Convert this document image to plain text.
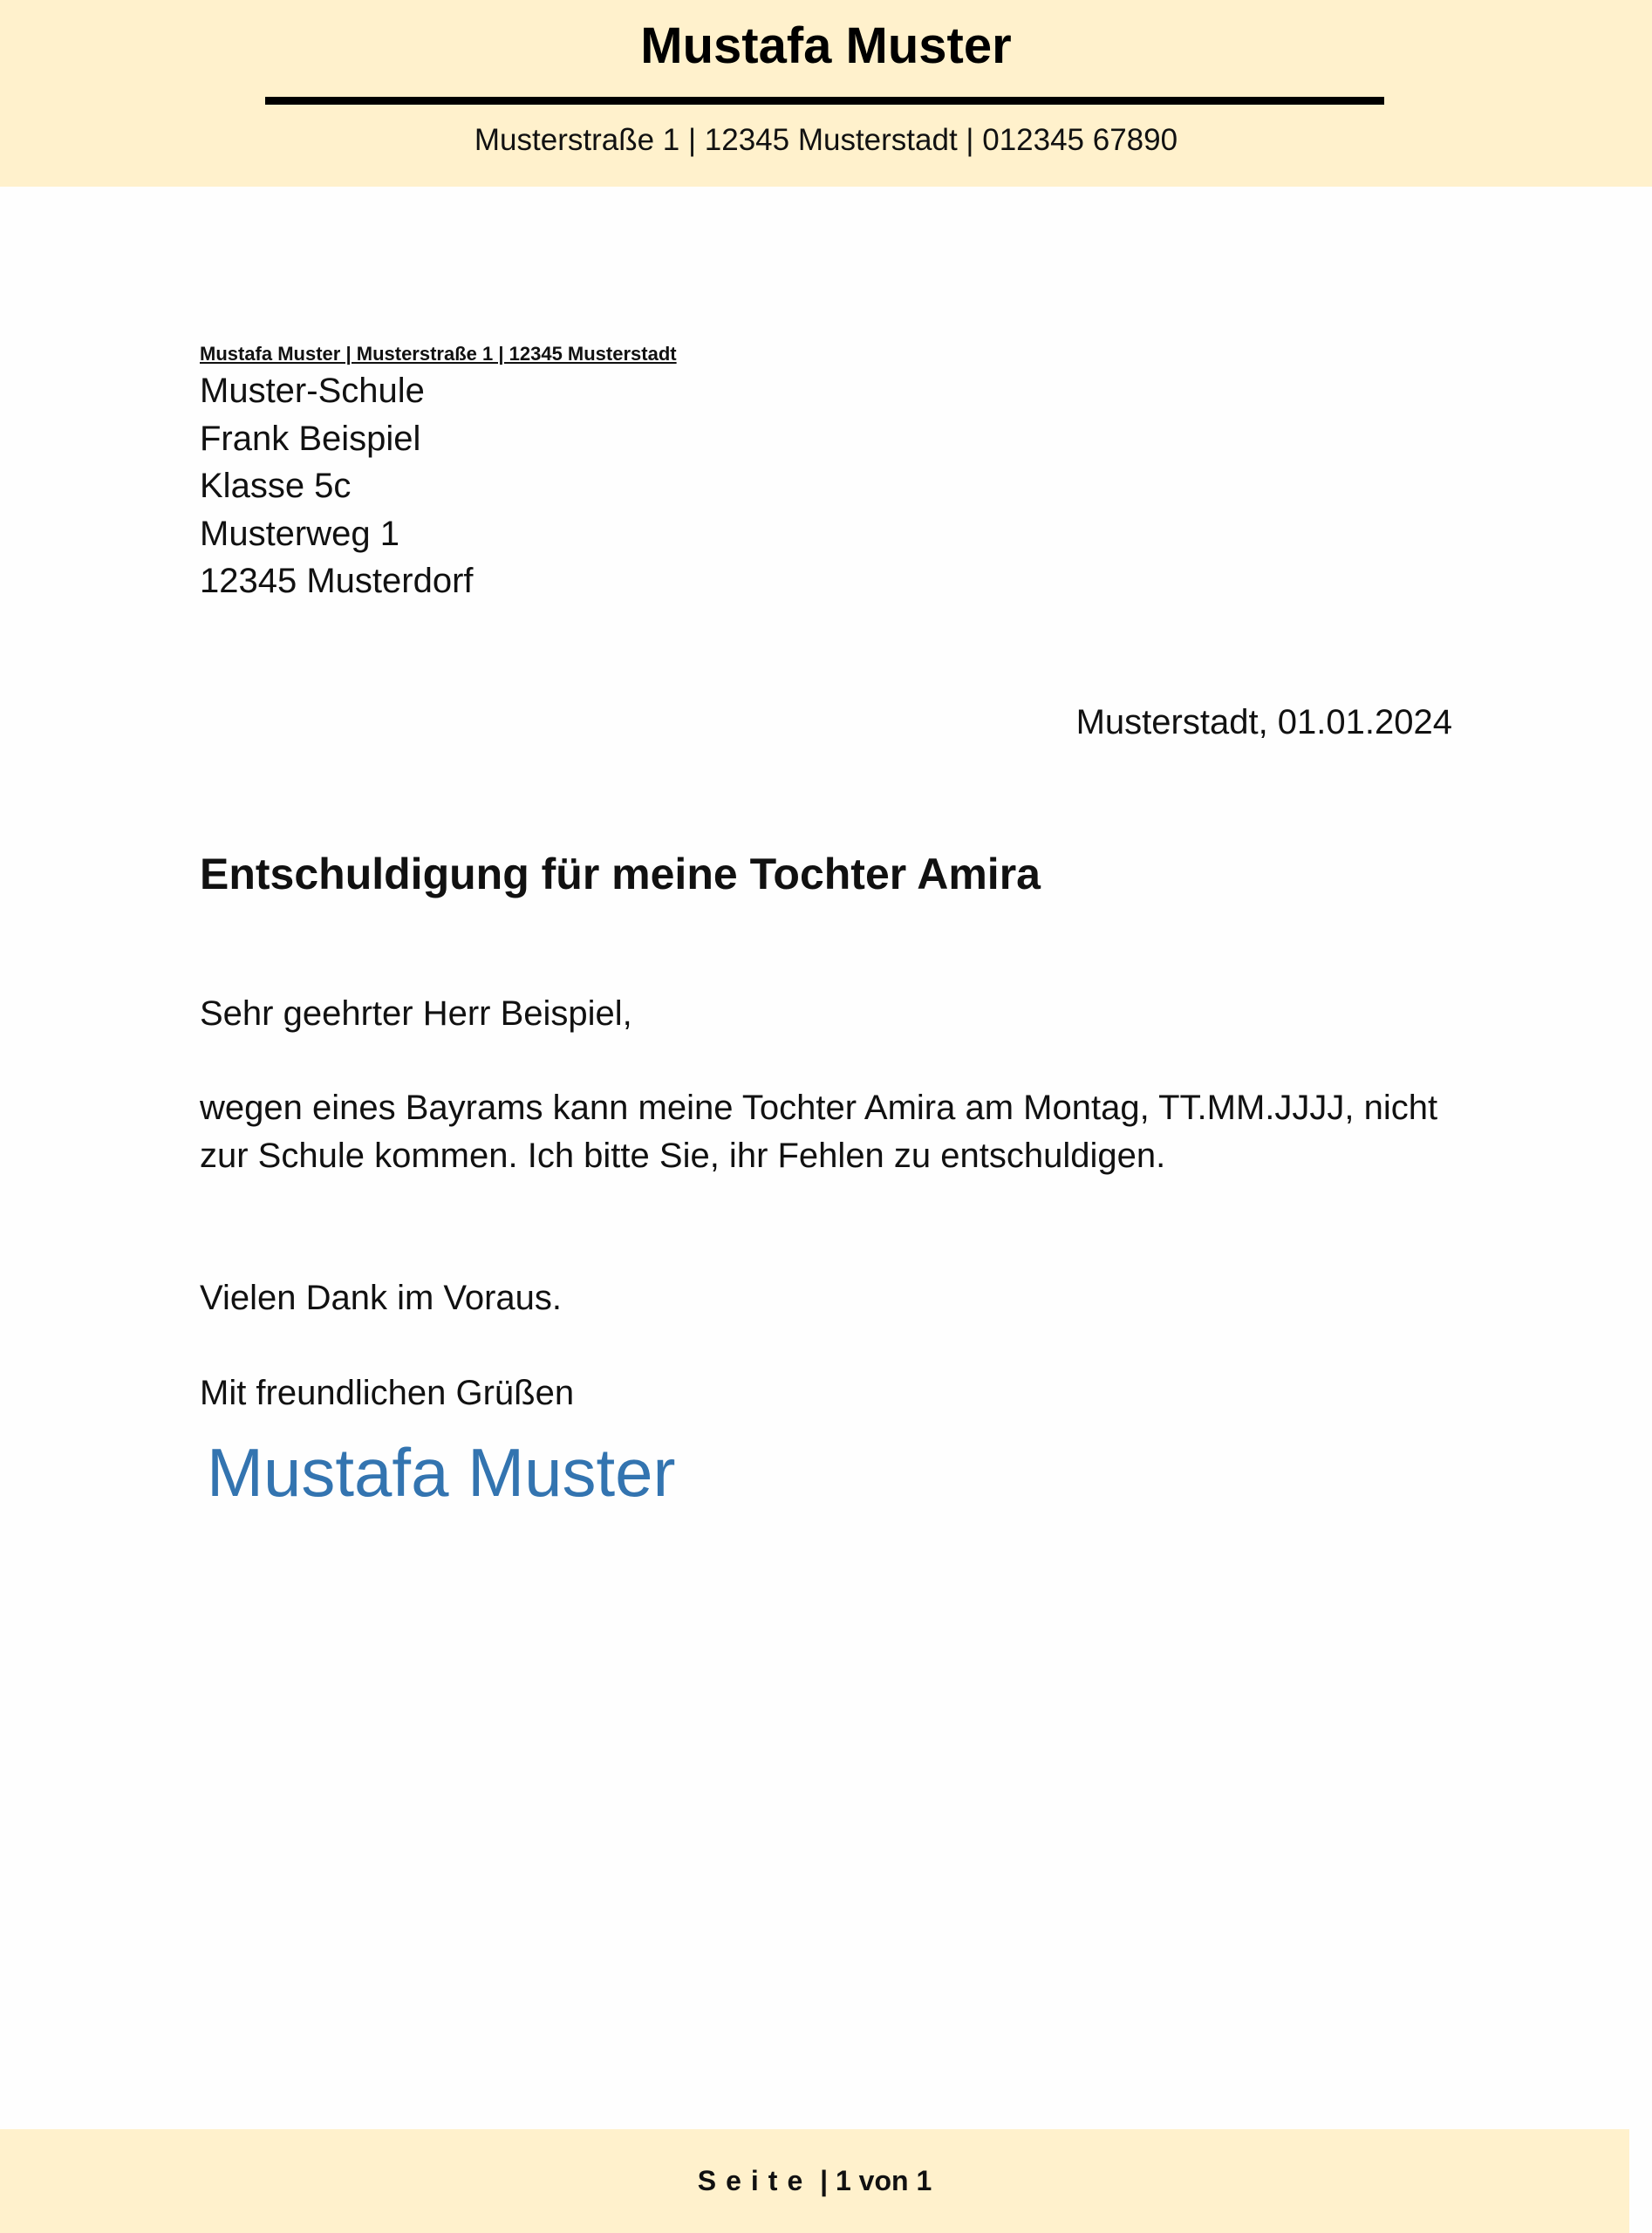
Mustafa Muster
Musterstraße 1 | 12345 Musterstadt | 012345 67890
Mustafa Muster | Musterstraße 1 | 12345 Musterstadt
Muster-Schule
Frank Beispiel
Klasse 5c
Musterweg 1
12345 Musterdorf
Musterstadt, 01.01.2024
Entschuldigung für meine Tochter Amira
Sehr geehrter Herr Beispiel,
wegen eines Bayrams kann meine Tochter Amira am Montag, TT.MM.JJJJ, nicht zur Schule kommen. Ich bitte Sie, ihr Fehlen zu entschuldigen.
Vielen Dank im Voraus.
Mit freundlichen Grüßen
Mustafa Muster
Seite | 1 von 1
